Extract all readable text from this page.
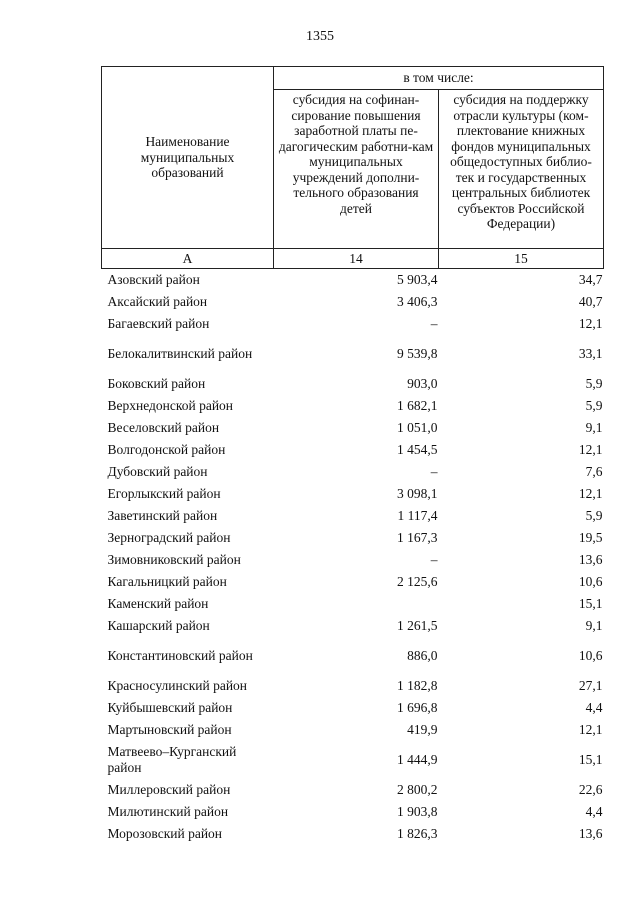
1355
Наименование муниципальных образований	в том числе:	
	субсидия на софинан-сирование повышения заработной платы пе-дагогическим работни-кам муниципальных учреждений дополни-тельного образования детей	субсидия на поддержку отрасли культуры (ком-плектование книжных фондов муниципальных общедоступных библио-тек и государственных центральных библиотек субъектов Российской Федерации)
А	14	15
Азовский район	5 903,4	34,7
Аксайский район	3 406,3	40,7
Багаевский район	–	12,1
Белокалитвинский район	9 539,8	33,1
Боковский район	903,0	5,9
Верхнедонской район	1 682,1	5,9
Веселовский район	1 051,0	9,1
Волгодонской район	1 454,5	12,1
Дубовский район	–	7,6
Егорлыкский район	3 098,1	12,1
Заветинский район	1 117,4	5,9
Зерноградский район	1 167,3	19,5
Зимовниковский район	–	13,6
Кагальницкий район	2 125,6	10,6
Каменский район		15,1
Кашарский район	1 261,5	9,1
Константиновский район	886,0	10,6
Красносулинский район	1 182,8	27,1
Куйбышевский район	1 696,8	4,4
Мартыновский район	419,9	12,1
Матвеево–Курганский район	1 444,9	15,1
Миллеровский район	2 800,2	22,6
Милютинский район	1 903,8	4,4
Морозовский район	1 826,3	13,6
